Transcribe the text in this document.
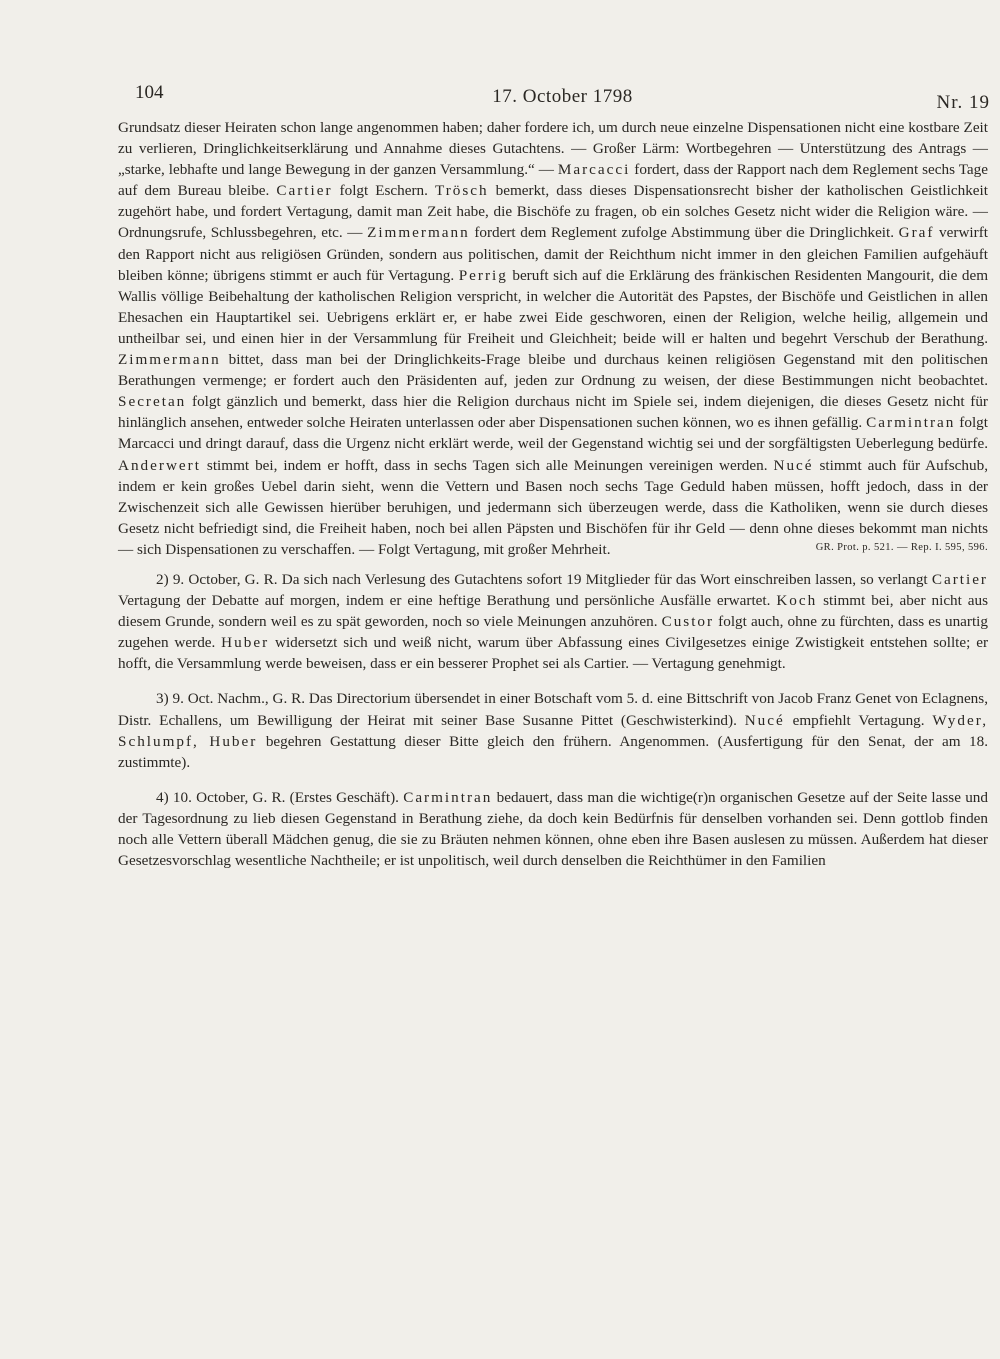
104	17. October 1798	Nr. 19

Grundsatz dieser Heiraten schon lange angenommen haben; daher fordere ich, um durch neue einzelne Dispensationen nicht eine kostbare Zeit zu verlieren, Dringlichkeitserklärung und Annahme dieses Gutachtens. — Großer Lärm: Wortbegehren — Unterstützung des Antrags — „starke, lebhafte und lange Bewegung in der ganzen Versammlung.“ — Marcacci fordert, dass der Rapport nach dem Reglement sechs Tage auf dem Bureau bleibe. Cartier folgt Eschern. Trösch bemerkt, dass dieses Dispensationsrecht bisher der katholischen Geistlichkeit zugehört habe, und fordert Vertagung, damit man Zeit habe, die Bischöfe zu fragen, ob ein solches Gesetz nicht wider die Religion wäre. — Ordnungsrufe, Schlussbegehren, etc. — Zimmermann fordert dem Reglement zufolge Abstimmung über die Dringlichkeit. Graf verwirft den Rapport nicht aus religiösen Gründen, sondern aus politischen, damit der Reichthum nicht immer in den gleichen Familien aufgehäuft bleiben könne; übrigens stimmt er auch für Vertagung. Perrig beruft sich auf die Erklärung des fränkischen Residenten Mangourit, die dem Wallis völlige Beibehaltung der katholischen Religion verspricht, in welcher die Autorität des Papstes, der Bischöfe und Geistlichen in allen Ehesachen ein Hauptartikel sei. Uebrigens erklärt er, er habe zwei Eide geschworen, einen der Religion, welche heilig, allgemein und untheilbar sei, und einen hier in der Versammlung für Freiheit und Gleichheit; beide will er halten und begehrt Verschub der Berathung. Zimmermann bittet, dass man bei der Dringlichkeits-Frage bleibe und durchaus keinen religiösen Gegenstand mit den politischen Berathungen vermenge; er fordert auch den Präsidenten auf, jeden zur Ordnung zu weisen, der diese Bestimmungen nicht beobachtet. Secretan folgt gänzlich und bemerkt, dass hier die Religion durchaus nicht im Spiele sei, indem diejenigen, die dieses Gesetz nicht für hinlänglich ansehen, entweder solche Heiraten unterlassen oder aber Dispensationen suchen können, wo es ihnen gefällig. Carmintran folgt Marcacci und dringt darauf, dass die Urgenz nicht erklärt werde, weil der Gegenstand wichtig sei und der sorgfältigsten Ueberlegung bedürfe. Anderwert stimmt bei, indem er hofft, dass in sechs Tagen sich alle Meinungen vereinigen werden. Nucé stimmt auch für Aufschub, indem er kein großes Uebel darin sieht, wenn die Vettern und Basen noch sechs Tage Geduld haben müssen, hofft jedoch, dass in der Zwischenzeit sich alle Gewissen hierüber beruhigen, und jedermann sich überzeugen werde, dass die Katholiken, wenn sie durch dieses Gesetz nicht befriedigt sind, die Freiheit haben, noch bei allen Päpsten und Bischöfen für ihr Geld — denn ohne dieses bekommt man nichts — sich Dispensationen zu verschaffen. — Folgt Vertagung, mit großer Mehrheit.	GR. Prot. p. 521. — Rep. I. 595, 596.

2) 9. October, G. R. Da sich nach Verlesung des Gutachtens sofort 19 Mitglieder für das Wort einschreiben lassen, so verlangt Cartier Vertagung der Debatte auf morgen, indem er eine heftige Berathung und persönliche Ausfälle erwartet. Koch stimmt bei, aber nicht aus diesem Grunde, sondern weil es zu spät geworden, noch so viele Meinungen anzuhören. Custor folgt auch, ohne zu fürchten, dass es unartig zugehen werde. Huber widersetzt sich und weiß nicht, warum über Abfassung eines Civilgesetzes einige Zwistigkeit entstehen sollte; er hofft, die Versammlung werde beweisen, dass er ein besserer Prophet sei als Cartier. — Vertagung genehmigt.

3) 9. Oct. Nachm., G. R. Das Directorium übersendet in einer Botschaft vom 5. d. eine Bittschrift von Jacob Franz Genet von Eclagnens, Distr. Echallens, um Bewilligung der Heirat mit seiner Base Susanne Pittet (Geschwisterkind). Nucé empfiehlt Vertagung. Wyder, Schlumpf, Huber begehren Gestattung dieser Bitte gleich den frühern. Angenommen. (Ausfertigung für den Senat, der am 18. zustimmte).

4) 10. October, G. R. (Erstes Geschäft). Carmintran bedauert, dass man die wichtige(r)n organischen Gesetze auf der Seite lasse und der Tagesordnung zu lieb diesen Gegenstand in Berathung ziehe, da doch kein Bedürfnis für denselben vorhanden sei. Denn gottlob finden noch alle Vettern überall Mädchen genug, die sie zu Bräuten nehmen können, ohne eben ihre Basen auslesen zu müssen. Außerdem hat dieser Gesetzesvorschlag wesentliche Nachtheile; er ist unpolitisch, weil durch denselben die Reichthümer in den Familien
